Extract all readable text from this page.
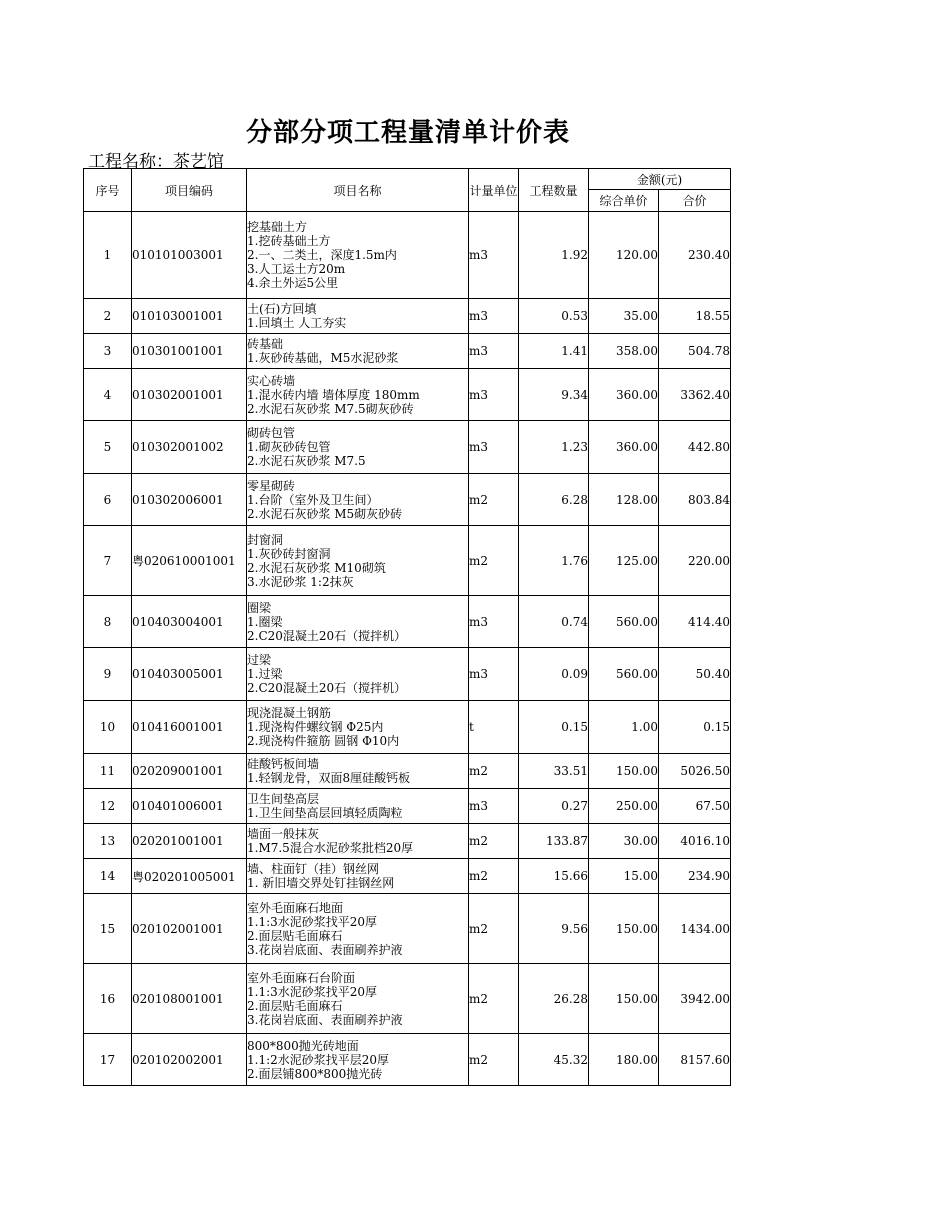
分部分项工程量清单计价表
工程名称：茶艺馆
序号	项目编码	项目名称	计量单位	工程数量	金额(元)	
					综合单价	合价
1	010101003001	挖基础土方
1.挖砖基础土方
2.一、二类土，深度1.5m内
3.人工运土方20m
4.余土外运5公里	m3	1.92	120.00	230.40
2	010103001001	土(石)方回填
1.回填土 人工夯实	m3	0.53	35.00	18.55
3	010301001001	砖基础
1.灰砂砖基础，M5水泥砂浆	m3	1.41	358.00	504.78
4	010302001001	实心砖墙
1.混水砖内墙 墙体厚度 180mm
2.水泥石灰砂浆 M7.5砌灰砂砖	m3	9.34	360.00	3362.40
5	010302001002	砌砖包管
1.砌灰砂砖包管
2.水泥石灰砂浆 M7.5	m3	1.23	360.00	442.80
6	010302006001	零星砌砖
1.台阶（室外及卫生间）
2.水泥石灰砂浆 M5砌灰砂砖	m2	6.28	128.00	803.84
7	粤020610001001	封窗洞
1.灰砂砖封窗洞
2.水泥石灰砂浆 M10砌筑
3.水泥砂浆 1:2抹灰	m2	1.76	125.00	220.00
8	010403004001	圈梁
1.圈梁
2.C20混凝土20石（搅拌机）	m3	0.74	560.00	414.40
9	010403005001	过梁
1.过梁
2.C20混凝土20石（搅拌机）	m3	0.09	560.00	50.40
10	010416001001	现浇混凝土钢筋
1.现浇构件螺纹钢 Φ25内
2.现浇构件箍筋 圆钢 Φ10内	t	0.15	1.00	0.15
11	020209001001	硅酸钙板间墙
1.轻钢龙骨，双面8厘硅酸钙板	m2	33.51	150.00	5026.50
12	010401006001	卫生间垫高层
1.卫生间垫高层回填轻质陶粒	m3	0.27	250.00	67.50
13	020201001001	墙面一般抹灰
1.M7.5混合水泥砂浆批档20厚	m2	133.87	30.00	4016.10
14	粤020201005001	墙、柱面钉（挂）钢丝网
1. 新旧墙交界处钉挂钢丝网	m2	15.66	15.00	234.90
15	020102001001	室外毛面麻石地面
1.1:3水泥砂浆找平20厚
2.面层贴毛面麻石
3.花岗岩底面、表面刷养护液	m2	9.56	150.00	1434.00
16	020108001001	室外毛面麻石台阶面
1.1:3水泥砂浆找平20厚
2.面层贴毛面麻石
3.花岗岩底面、表面刷养护液	m2	26.28	150.00	3942.00
17	020102002001	800*800抛光砖地面
1.1:2水泥砂浆找平层20厚
2.面层铺800*800抛光砖	m2	45.32	180.00	8157.60
